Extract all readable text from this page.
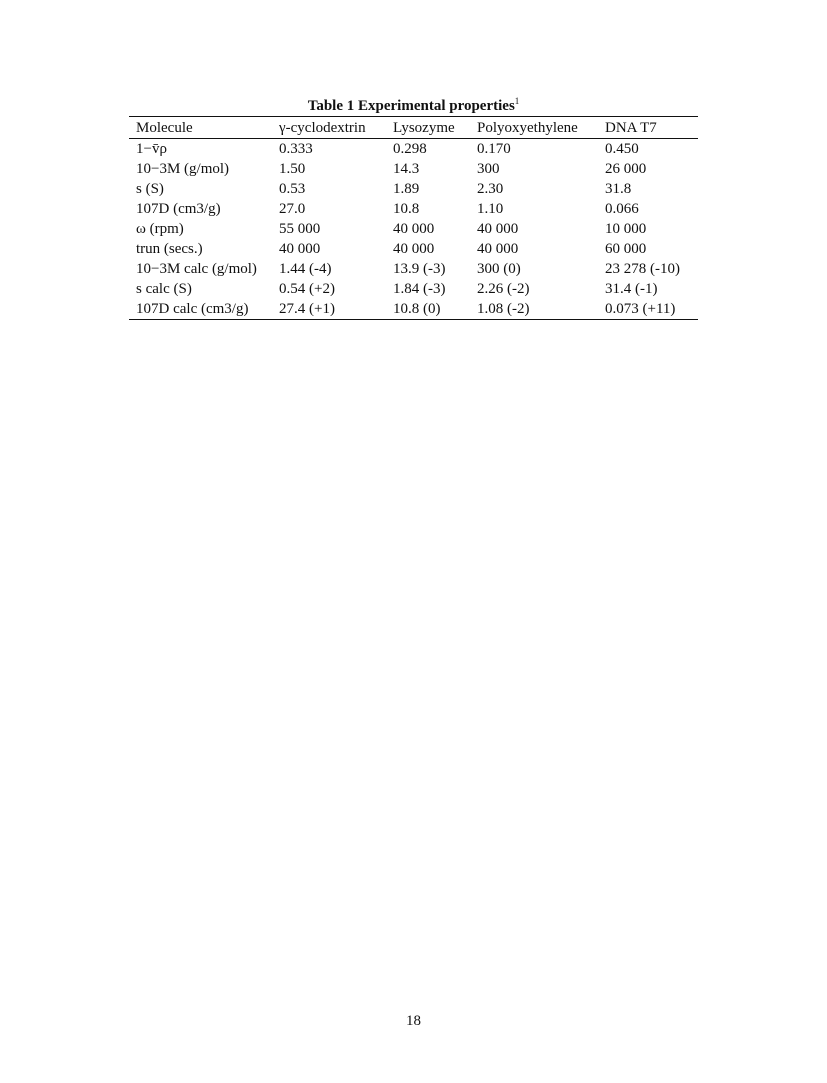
Table 1 Experimental properties$^1$
Molecule	γ-cyclodextrin	Lysozyme	Polyoxyethylene	DNA T7
1−v̄ρ	0.333	0.298	0.170	0.450
10−3M (g/mol)	1.50	14.3	300	26 000
s (S)	0.53	1.89	2.30	31.8
107D (cm3/g)	27.0	10.8	1.10	0.066
ω (rpm)	55 000	40 000	40 000	10 000
trun (secs.)	40 000	40 000	40 000	60 000
10−3M calc (g/mol)	1.44 (-4)	13.9 (-3)	300 (0)	23 278 (-10)
s calc (S)	0.54 (+2)	1.84 (-3)	2.26 (-2)	31.4 (-1)
107D calc (cm3/g)	27.4 (+1)	10.8 (0)	1.08 (-2)	0.073 (+11)
18
